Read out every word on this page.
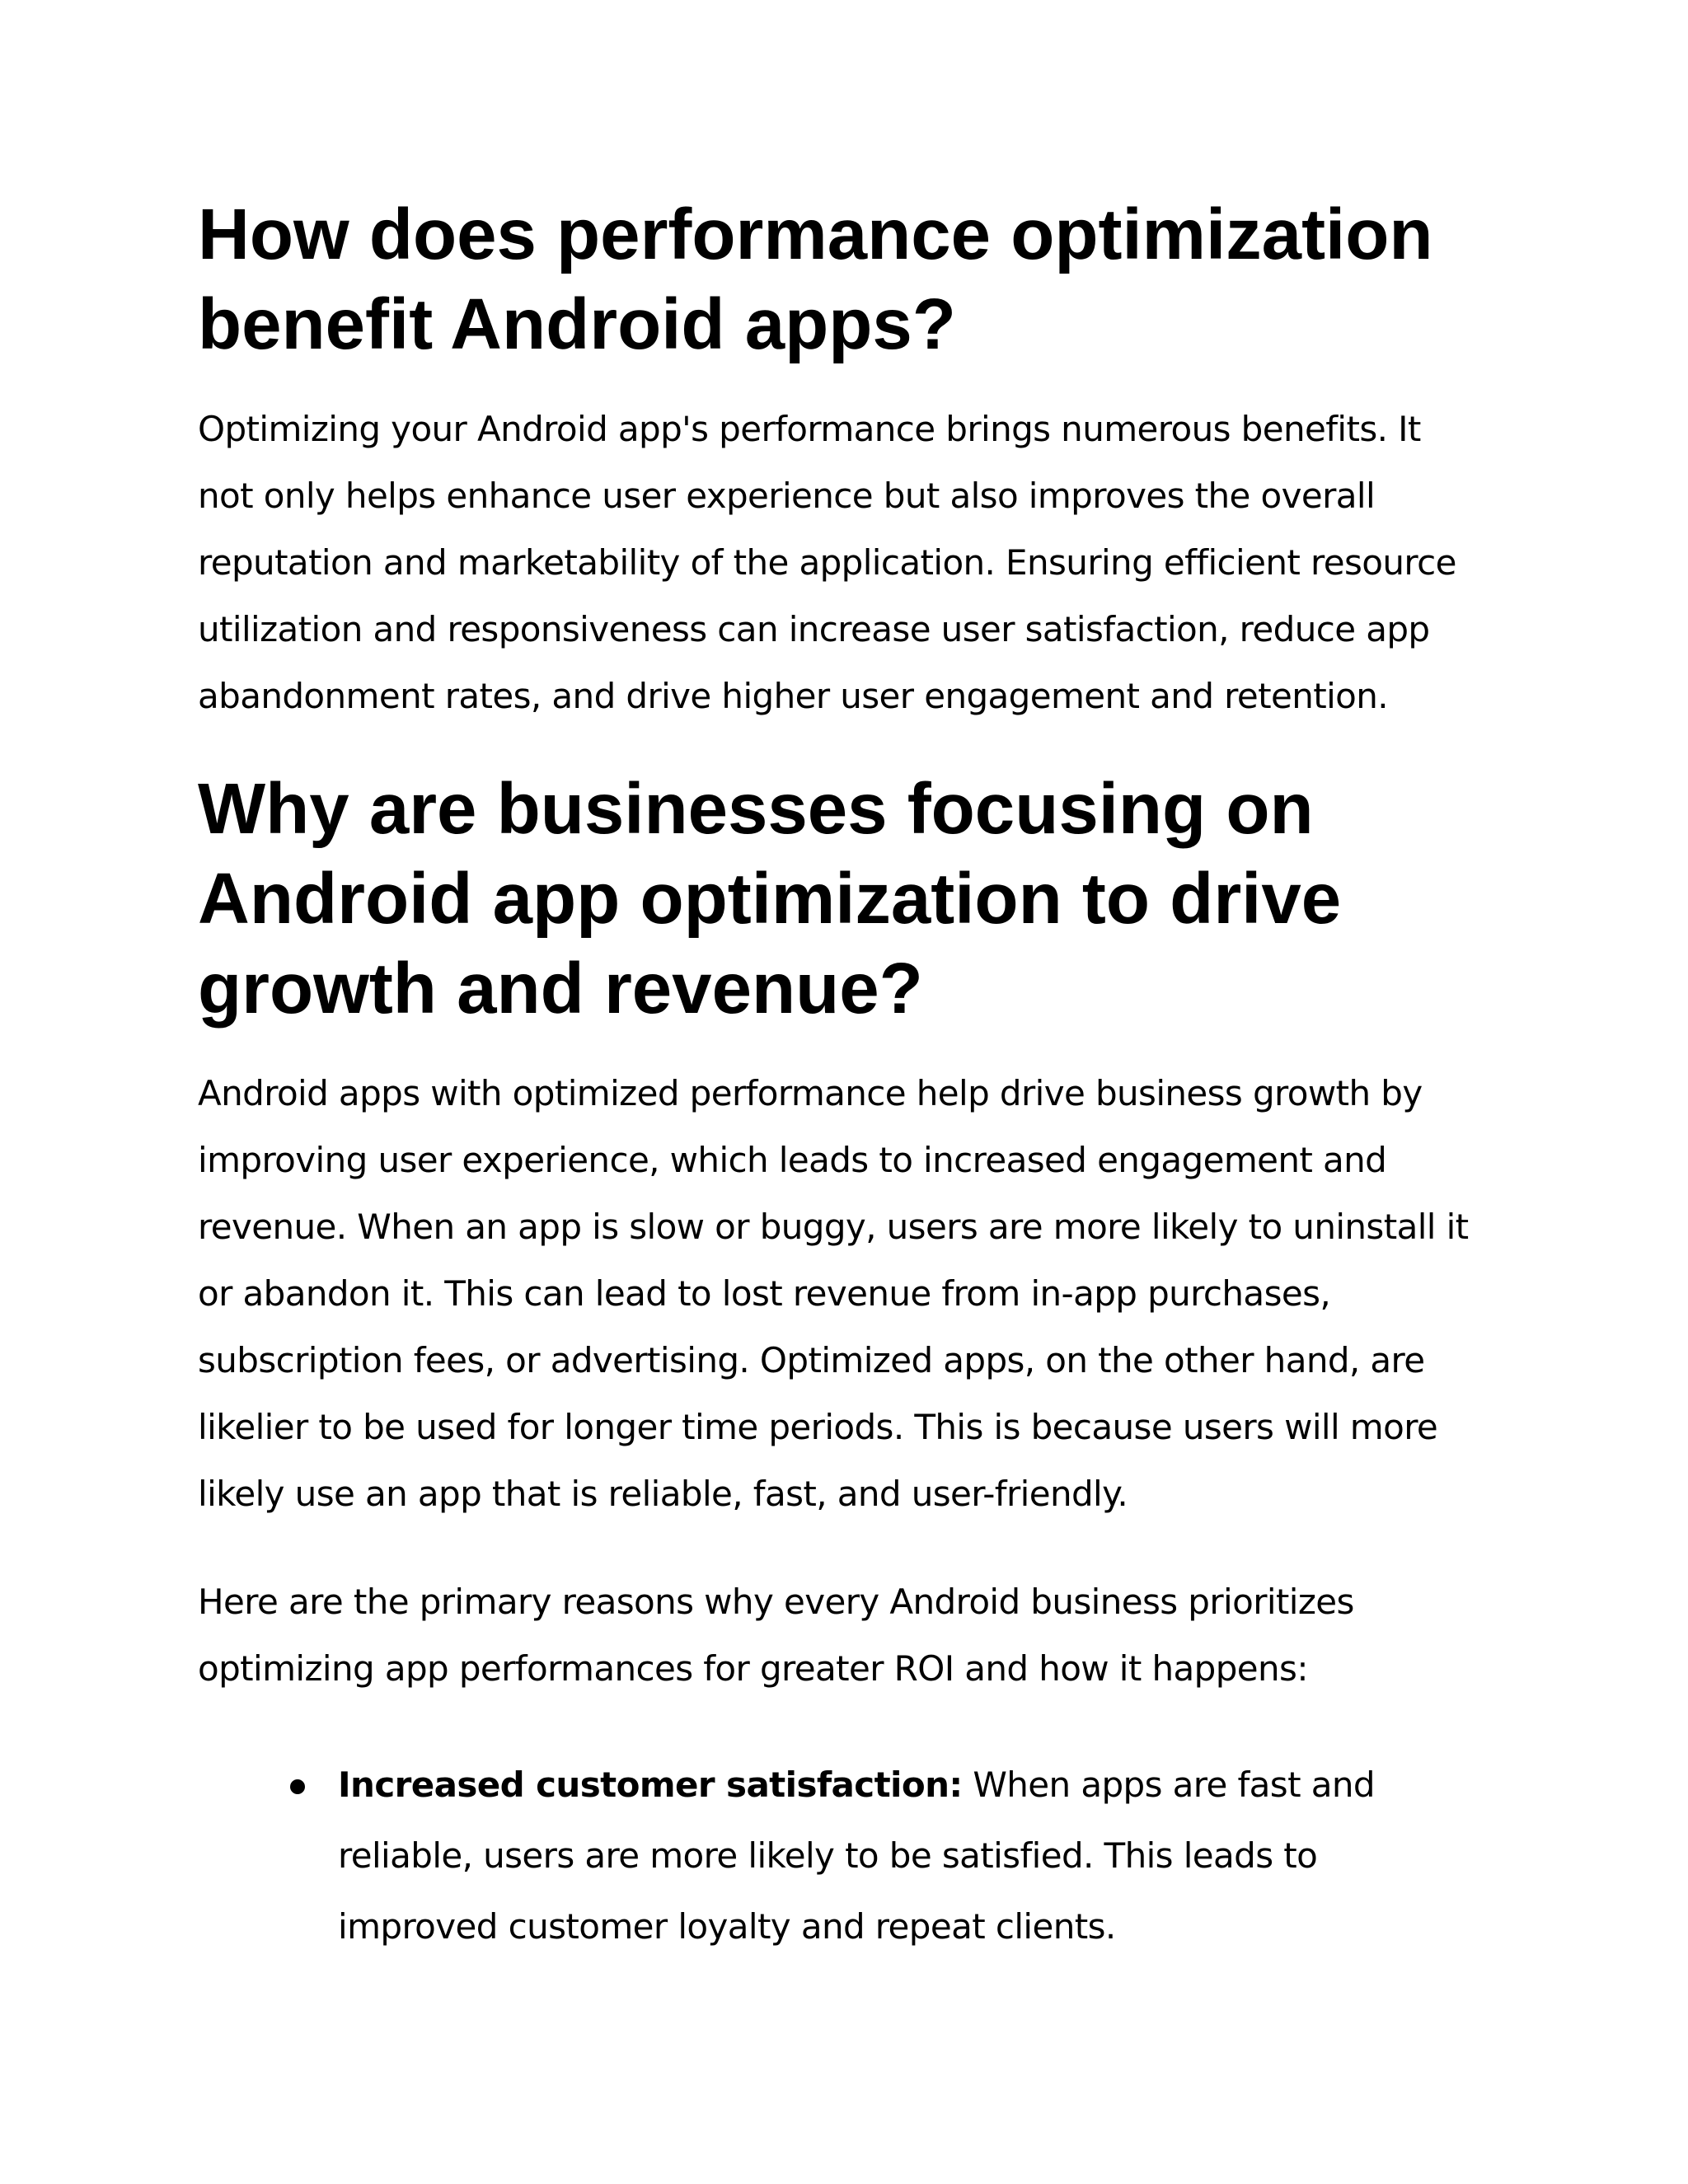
How does performance optimization benefit Android apps?

Optimizing your Android app's performance brings numerous benefits. It not only helps enhance user experience but also improves the overall reputation and marketability of the application. Ensuring efficient resource utilization and responsiveness can increase user satisfaction, reduce app abandonment rates, and drive higher user engagement and retention.

Why are businesses focusing on Android app optimization to drive growth and revenue?

Android apps with optimized performance help drive business growth by improving user experience, which leads to increased engagement and revenue. When an app is slow or buggy, users are more likely to uninstall it or abandon it. This can lead to lost revenue from in-app purchases, subscription fees, or advertising. Optimized apps, on the other hand, are likelier to be used for longer time periods. This is because users will more likely use an app that is reliable, fast, and user-friendly.

Here are the primary reasons why every Android business prioritizes optimizing app performances for greater ROI and how it happens:

Increased customer satisfaction: When apps are fast and reliable, users are more likely to be satisfied. This leads to improved customer loyalty and repeat clients.
